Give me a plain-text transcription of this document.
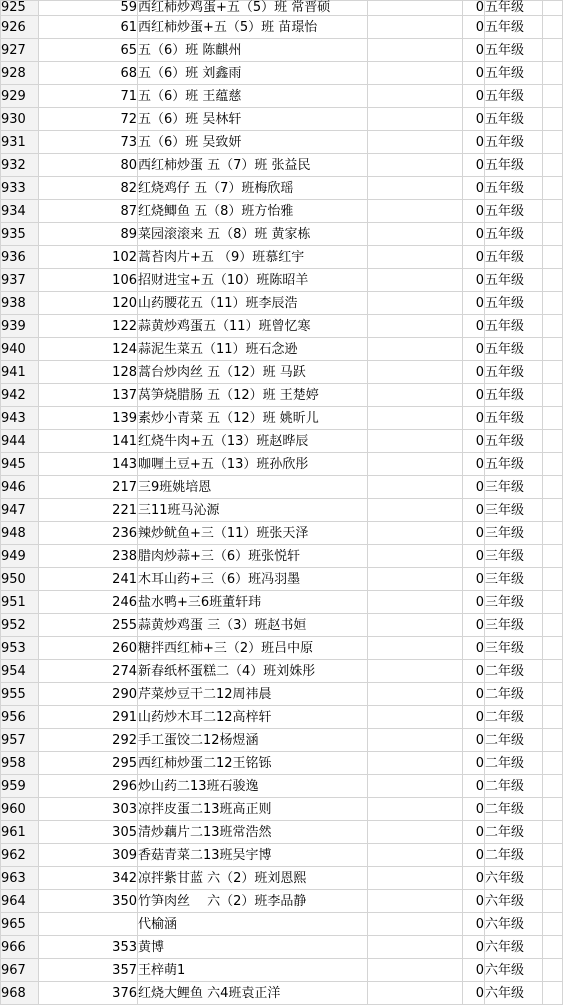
925	59	西红柿炒鸡蛋+五（5）班 常晋硕		0	五年级	
926	61	西红柿炒蛋+五（5）班 苗璟怡		0	五年级	
927	65	五（6）班 陈麒州		0	五年级	
928	68	五（6）班 刘鑫雨		0	五年级	
929	71	五（6）班 王蕴慈		0	五年级	
930	72	五（6）班 吴林轩		0	五年级	
931	73	五（6）班 吴致妍		0	五年级	
932	80	西红柿炒蛋 五（7）班 张益民		0	五年级	
933	82	红烧鸡仔 五（7）班梅欣瑶		0	五年级	
934	87	红烧鲫鱼 五（8）班方怡雅		0	五年级	
935	89	菜园滚滚来 五（8）班 黄家栋		0	五年级	
936	102	蒿苔肉片+五 （9）班慕红宇		0	五年级	
937	106	招财进宝+五（10）班陈昭羊		0	五年级	
938	120	山药腰花五（11）班李辰浩		0	五年级	
939	122	蒜黄炒鸡蛋五（11）班曾忆寒		0	五年级	
940	124	蒜泥生菜五（11）班石念逊		0	五年级	
941	128	蒿台炒肉丝 五（12）班 马跃		0	五年级	
942	137	莴笋烧腊肠 五（12）班 王楚婷		0	五年级	
943	139	素炒小青菜 五（12）班 姚昕儿		0	五年级	
944	141	红烧牛肉+五（13）班赵晔辰		0	五年级	
945	143	咖喱土豆+五（13）班孙欣彤		0	五年级	
946	217	三9班姚培恩		0	三年级	
947	221	三11班马沁源		0	三年级	
948	236	辣炒鱿鱼+三（11）班张天泽		0	三年级	
949	238	腊肉炒蒜+三（6）班张悦轩		0	三年级	
950	241	木耳山药+三（6）班冯羽墨		0	三年级	
951	246	盐水鸭+三6班董轩玮		0	三年级	
952	255	蒜黄炒鸡蛋 三（3）班赵书姮		0	三年级	
953	260	糖拌西红柿+三（2）班吕中原		0	三年级	
954	274	新春纸杯蛋糕二（4）班刘姝彤		0	二年级	
955	290	芹菜炒豆干二12周祎晨		0	二年级	
956	291	山药炒木耳二12高梓轩		0	二年级	
957	292	手工蛋饺二12杨煜涵		0	二年级	
958	295	西红柿炒蛋二12王铭铄		0	二年级	
959	296	炒山药二13班石骏逸		0	二年级	
960	303	凉拌皮蛋二13班高正则		0	二年级	
961	305	清炒藕片二13班常浩然		0	二年级	
962	309	香菇青菜二13班吴宇博		0	二年级	
963	342	凉拌紫甘蓝 六（2）班刘恩熙		0	六年级	
964	350	竹笋肉丝 　六（2）班李品静		0	六年级	
965		代榆涵		0	六年级	
966	353	黄博		0	六年级	
967	357	王梓萌1		0	六年级	
968	376	红烧大鲤鱼 六4班袁正洋		0	六年级	
